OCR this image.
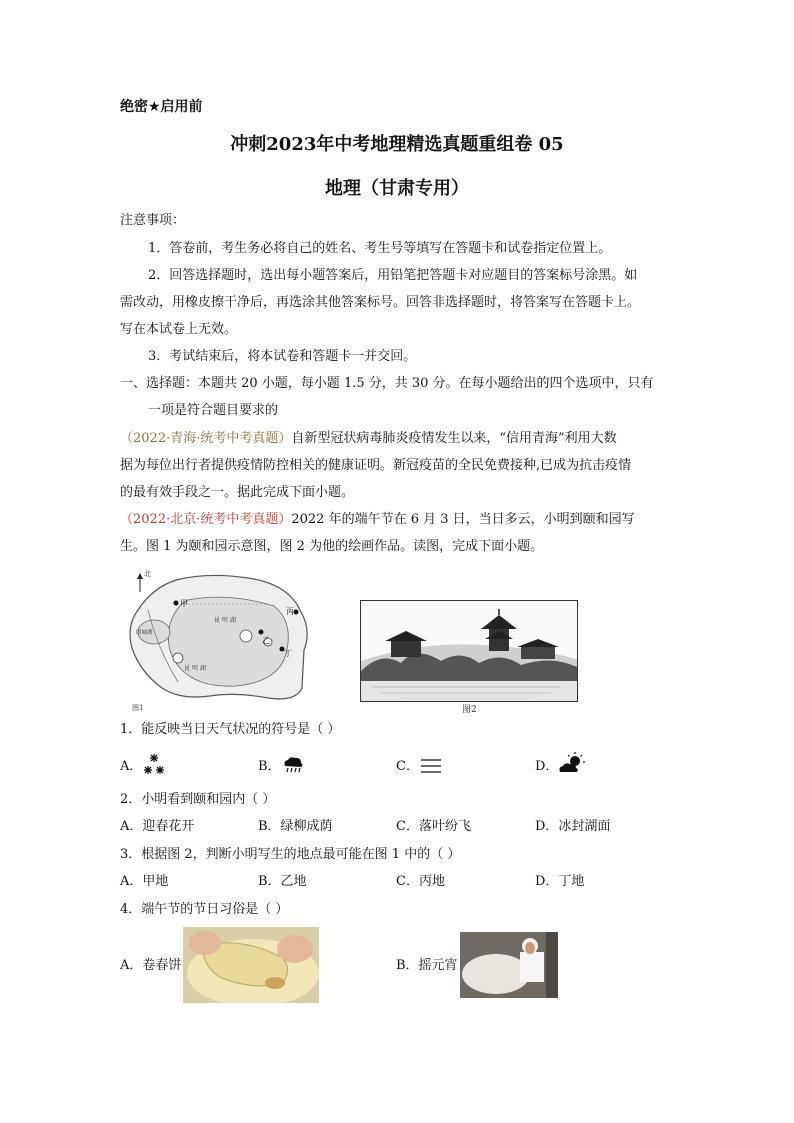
绝密★启用前
冲刺2023年中考地理精选真题重组卷 05
地理（甘肃专用）
注意事项：
1．答卷前，考生务必将自己的姓名、考生号等填写在答题卡和试卷指定位置上。
2．回答选择题时，选出每小题答案后，用铅笔把答题卡对应题目的答案标号涂黑。如
需改动，用橡皮擦干净后，再选涂其他答案标号。回答非选择题时，将答案写在答题卡上。
写在本试卷上无效。
3．考试结束后，将本试卷和答题卡一并交回。
一、选择题：本题共 20 小题，每小题 1.5 分，共 30 分。在每小题给出的四个选项中，只有
一项是符合题目要求的
（2022·青海·统考中考真题）自新型冠状病毒肺炎疫情发生以来，“信用青海”利用大数
据为每位出行者提供疫情防控相关的健康证明。新冠疫苗的全民免费接种,已成为抗击疫情
的最有效手段之一。据此完成下面小题。
（2022·北京·统考中考真题）2022 年的端午节在 6 月 3 日，当日多云，小明到颐和园写
生。图 1 为颐和园示意图，图 2 为他的绘画作品。读图，完成下面小题。
北
甲
乙
丙
丁
昆 明 湖
昆 明 湖
团城湖
图1	图2
1．能反映当日天气状况的符号是（ ）
A．	B．	C．	D．
2．小明看到颐和园内（ ）
A．迎春花开	B．绿柳成荫	C．落叶纷飞	D．冰封湖面
3．根据图 2，判断小明写生的地点最可能在图 1 中的（ ）
A．甲地	B．乙地	C．丙地	D．丁地
4．端午节的节日习俗是（ ）
A．卷春饼	B．摇元宵
